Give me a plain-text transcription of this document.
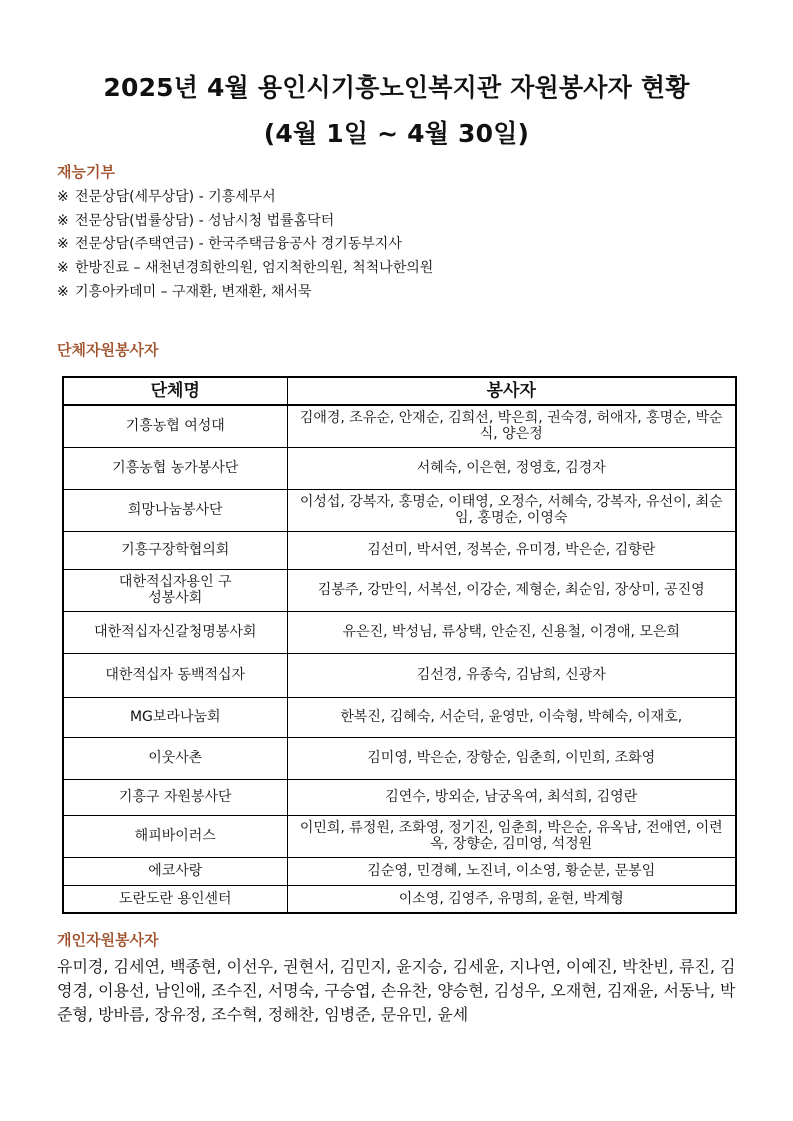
2025년 4월 용인시기흥노인복지관 자원봉사자 현황
(4월 1일 ~ 4월 30일)
재능기부
※ 전문상담(세무상담) - 기흥세무서
※ 전문상담(법률상담) - 성남시청 법률홈닥터
※ 전문상담(주택연금) - 한국주택금융공사 경기동부지사
※ 한방진료 – 새천년경희한의원, 엄지척한의원, 척척나한의원
※ 기흥아카데미 – 구재환, 변재환, 채서묵
단체자원봉사자
단체명	봉사자
기흥농협 여성대	김애경, 조유순, 안재순, 김희선, 박은희, 권숙경, 허애자, 홍명순, 박순식, 양은정
기흥농협 농가봉사단	서혜숙, 이은현, 정영호, 김경자
희망나눔봉사단	이성섭, 강복자, 홍명순, 이태영, 오정수, 서혜숙, 강복자, 유선이, 최순임, 홍명순, 이영숙
기흥구장학협의회	김선미, 박서연, 정복순, 유미경, 박은순, 김향란
대한적십자용인 구성봉사회	김봉주, 강만익, 서복선, 이강순, 제형순, 최순임, 장상미, 공진영
대한적십자신갈청명봉사회	유은진, 박성님, 류상택, 안순진, 신용철, 이경애, 모은희
대한적십자 동백적십자	김선경, 유종숙, 김남희, 신광자
MG보라나눔회	한복진, 김혜숙, 서순덕, 윤영만, 이숙형, 박혜숙, 이재호,
이웃사촌	김미영, 박은순, 장항순, 임춘희, 이민희, 조화영
기흥구 자원봉사단	김연수, 방외순, 남궁옥여, 최석희, 김영란
해피바이러스	이민희, 류정원, 조화영, 정기진, 임춘희, 박은순, 유옥남, 전애연, 이련옥, 장향순, 김미영, 석정원
에코사랑	김순영, 민경혜, 노진녀, 이소영, 황순분, 문봉임
도란도란 용인센터	이소영, 김영주, 유명희, 윤현, 박계형
개인자원봉사자
유미경, 김세연, 백종현, 이선우, 권현서, 김민지, 윤지승, 김세윤, 지나연, 이예진, 박찬빈, 류진, 김영경, 이용선, 남인애, 조수진, 서명숙, 구승엽, 손유찬, 양승현, 김성우, 오재현, 김재윤, 서동낙, 박준형, 방바름, 장유정, 조수혁, 정해찬, 임병준, 문유민, 윤세
